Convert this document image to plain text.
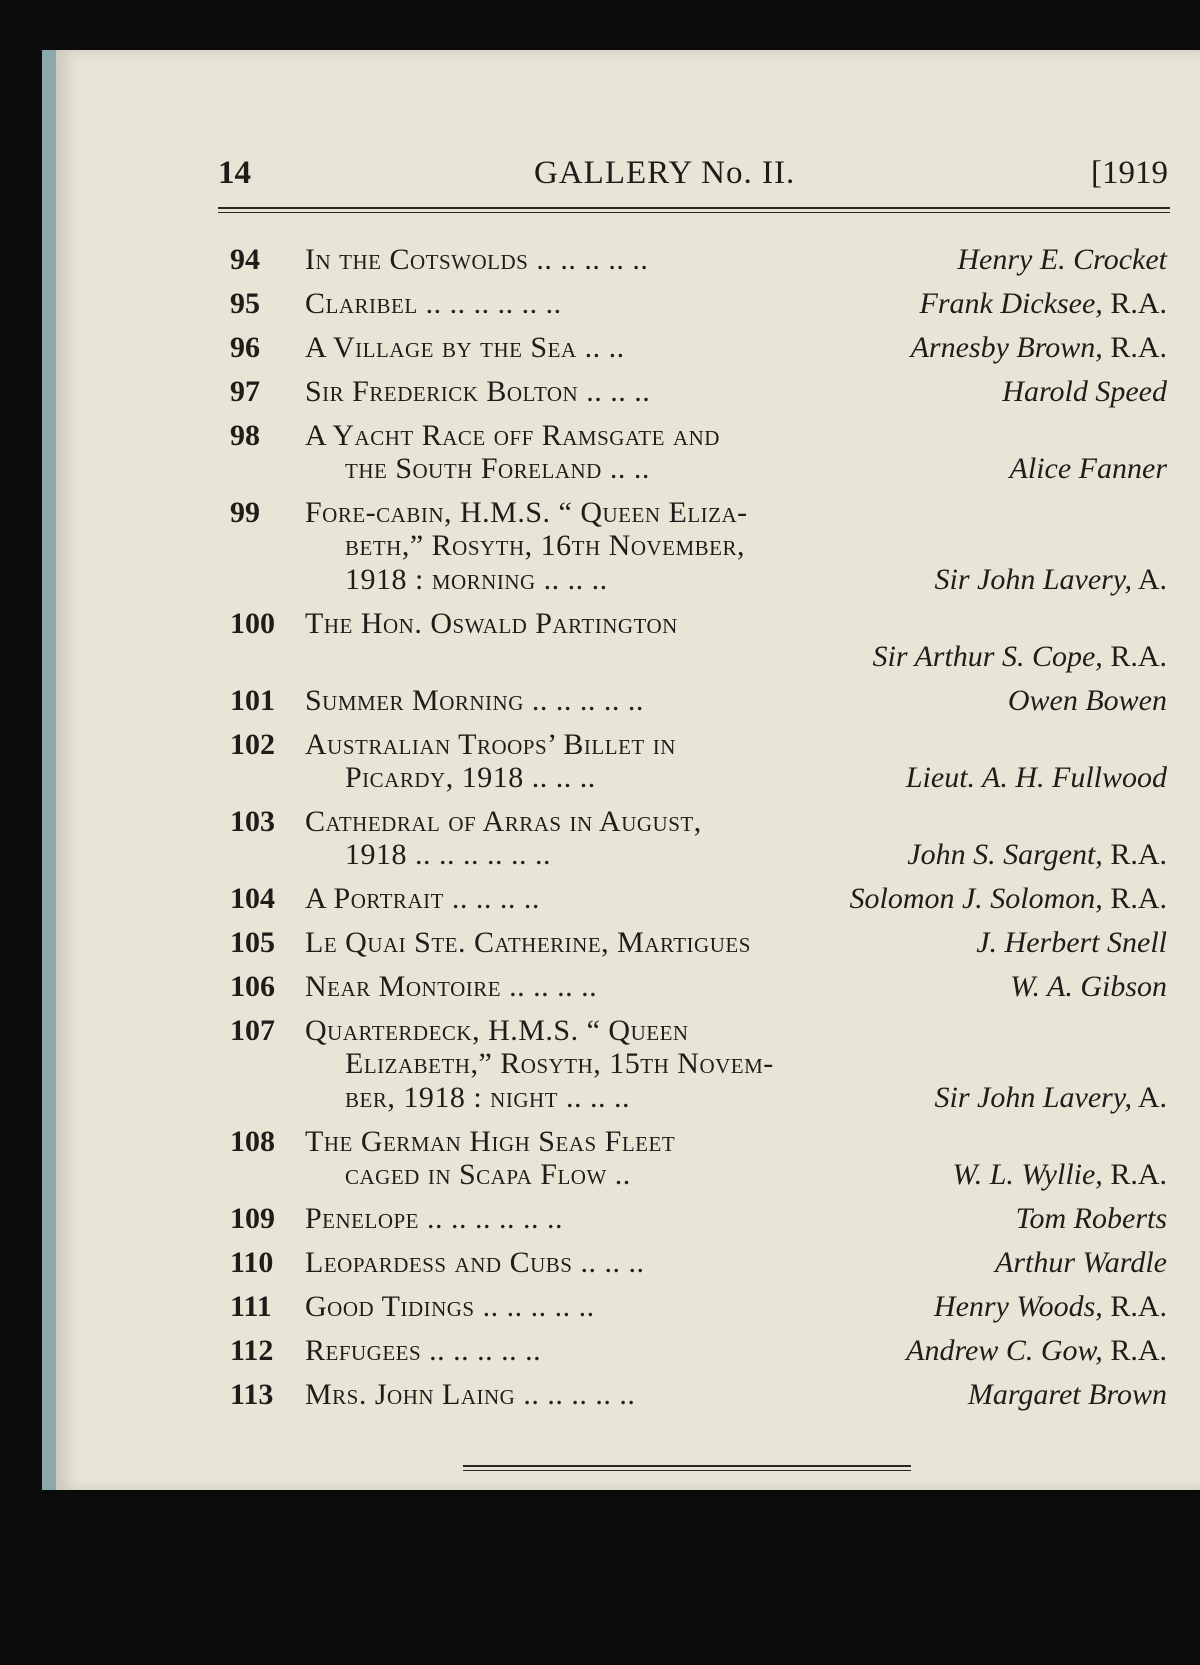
14	GALLERY No. II.	[1919
94 In the Cotswolds .. .. .. .. ..	Henry E. Crocket
95 Claribel .. .. .. .. .. ..	Frank Dicksee, R.A.
96 A Village by the Sea .. ..	Arnesby Brown, R.A.
97 Sir Frederick Bolton .. .. ..	Harold Speed
98 A Yacht Race off Ramsgate and
the South Foreland .. ..	Alice Fanner
99 Fore-cabin, H.M.S. “ Queen Eliza-
beth,” Rosyth, 16th November,
1918 : morning .. .. ..	Sir John Lavery, A.
100 The Hon. Oswald Partington
Sir Arthur S. Cope, R.A.
101 Summer Morning .. .. .. .. ..	Owen Bowen
102 Australian Troops’ Billet in
Picardy, 1918 .. .. ..	Lieut. A. H. Fullwood
103 Cathedral of Arras in August,
1918 .. .. .. .. .. ..	John S. Sargent, R.A.
104 A Portrait .. .. .. ..	Solomon J. Solomon, R.A.
105 Le Quai Ste. Catherine, Martigues	J. Herbert Snell
106 Near Montoire .. .. .. ..	W. A. Gibson
107 Quarterdeck, H.M.S. “ Queen
Elizabeth,” Rosyth, 15th Novem-
ber, 1918 : night .. .. ..	Sir John Lavery, A.
108 The German High Seas Fleet
caged in Scapa Flow ..	W. L. Wyllie, R.A.
109 Penelope .. .. .. .. .. ..	Tom Roberts
110 Leopardess and Cubs .. .. ..	Arthur Wardle
111 Good Tidings .. .. .. .. ..	Henry Woods, R.A.
112 Refugees .. .. .. .. ..	Andrew C. Gow, R.A.
113 Mrs. John Laing .. .. .. .. ..	Margaret Brown
